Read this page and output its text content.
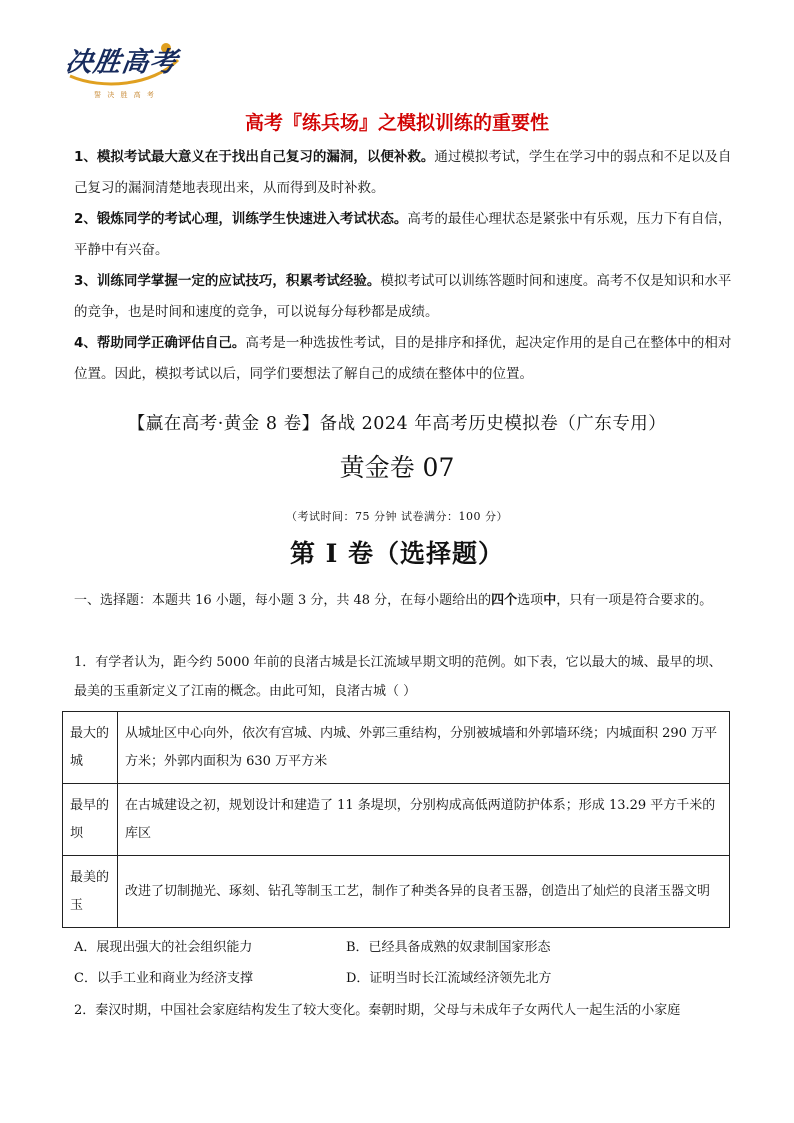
决胜高考
誓 决 胜 高 考
高考『练兵场』之模拟训练的重要性

1、模拟考试最大意义在于找出自己复习的漏洞，以便补救。通过模拟考试，学生在学习中的弱点和不足以及自己复习的漏洞清楚地表现出来，从而得到及时补救。

2、锻炼同学的考试心理，训练学生快速进入考试状态。高考的最佳心理状态是紧张中有乐观，压力下有自信，平静中有兴奋。

3、训练同学掌握一定的应试技巧，积累考试经验。模拟考试可以训练答题时间和速度。高考不仅是知识和水平的竞争，也是时间和速度的竞争，可以说每分每秒都是成绩。

4、帮助同学正确评估自己。高考是一种选拔性考试，目的是排序和择优，起决定作用的是自己在整体中的相对位置。因此，模拟考试以后，同学们要想法了解自己的成绩在整体中的位置。

【赢在高考·黄金 8 卷】备战 2024 年高考历史模拟卷（广东专用）
黄金卷 07
（考试时间：75 分钟 试卷满分：100 分）
第 I 卷（选择题）
一、选择题：本题共 16 小题，每小题 3 分，共 48 分，在每小题给出的四个选项中，只有一项是符合要求的。
1．有学者认为，距今约 5000 年前的良渚古城是长江流域早期文明的范例。如下表，它以最大的城、最早的坝、最美的玉重新定义了江南的概念。由此可知，良渚古城（ ）
最大的城	从城址区中心向外，依次有宫城、内城、外郭三重结构，分别被城墙和外郭墙环绕；内城面积 290 万平方米；外郭内面积为 630 万平方米
最早的坝	在古城建设之初，规划设计和建造了 11 条堤坝，分别构成高低两道防护体系；形成 13.29 平方千米的库区
最美的玉	改进了切制抛光、琢刻、钻孔等制玉工艺，制作了种类各异的良者玉器，创造出了灿烂的良渚玉器文明
A．展现出强大的社会组织能力	B．已经具备成熟的奴隶制国家形态
C．以手工业和商业为经济支撑	D．证明当时长江流域经济领先北方
2．秦汉时期，中国社会家庭结构发生了较大变化。秦朝时期，父母与未成年子女两代人一起生活的小家庭
